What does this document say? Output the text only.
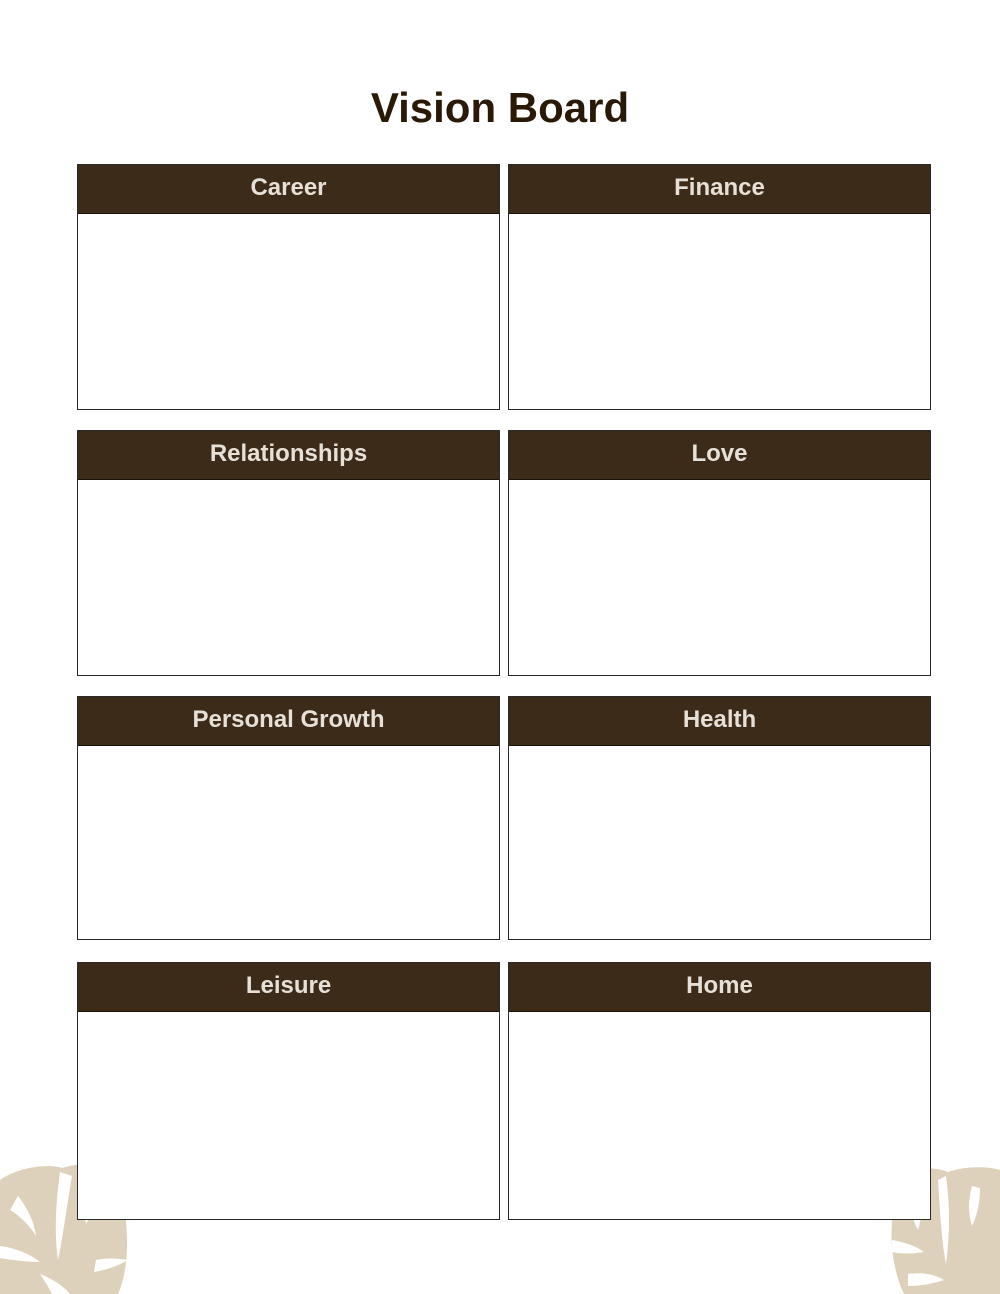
Vision Board
Career	Finance
Relationships	Love
Personal Growth	Health
Leisure	Home
